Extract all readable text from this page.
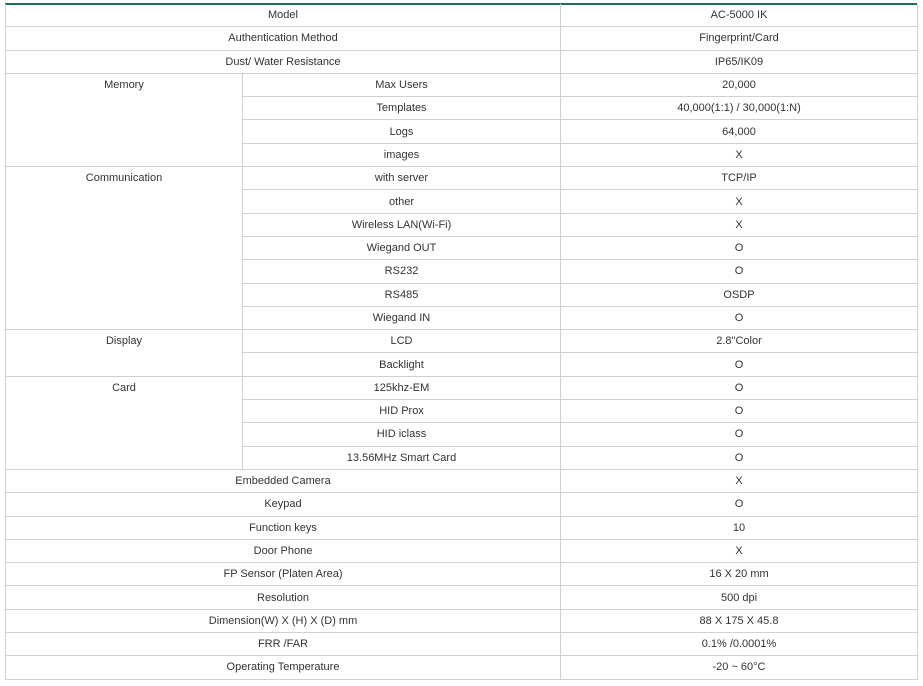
Model		AC-5000 IK
Authentication Method		Fingerprint/Card
Dust/ Water Resistance		IP65/IK09
Memory	Max Users	20,000
	Templates	40,000(1:1) / 30,000(1:N)
	Logs	64,000
	images	X
Communication	with server	TCP/IP
	other	X
	Wireless LAN(Wi-Fi)	X
	Wiegand OUT	O
	RS232	O
	RS485	OSDP
	Wiegand IN	O
Display	LCD	2.8"Color
	Backlight	O
Card	125khz-EM	O
	HID Prox	O
	HID iclass	O
	13.56MHz Smart Card	O
Embedded Camera		X
Keypad		O
Function keys		10
Door Phone		X
FP Sensor (Platen Area)		16 X 20 mm
Resolution		500 dpi
Dimension(W) X (H) X (D) mm		88 X 175 X 45.8
FRR /FAR		0.1% /0.0001%
Operating Temperature		-20 ~ 60°C
